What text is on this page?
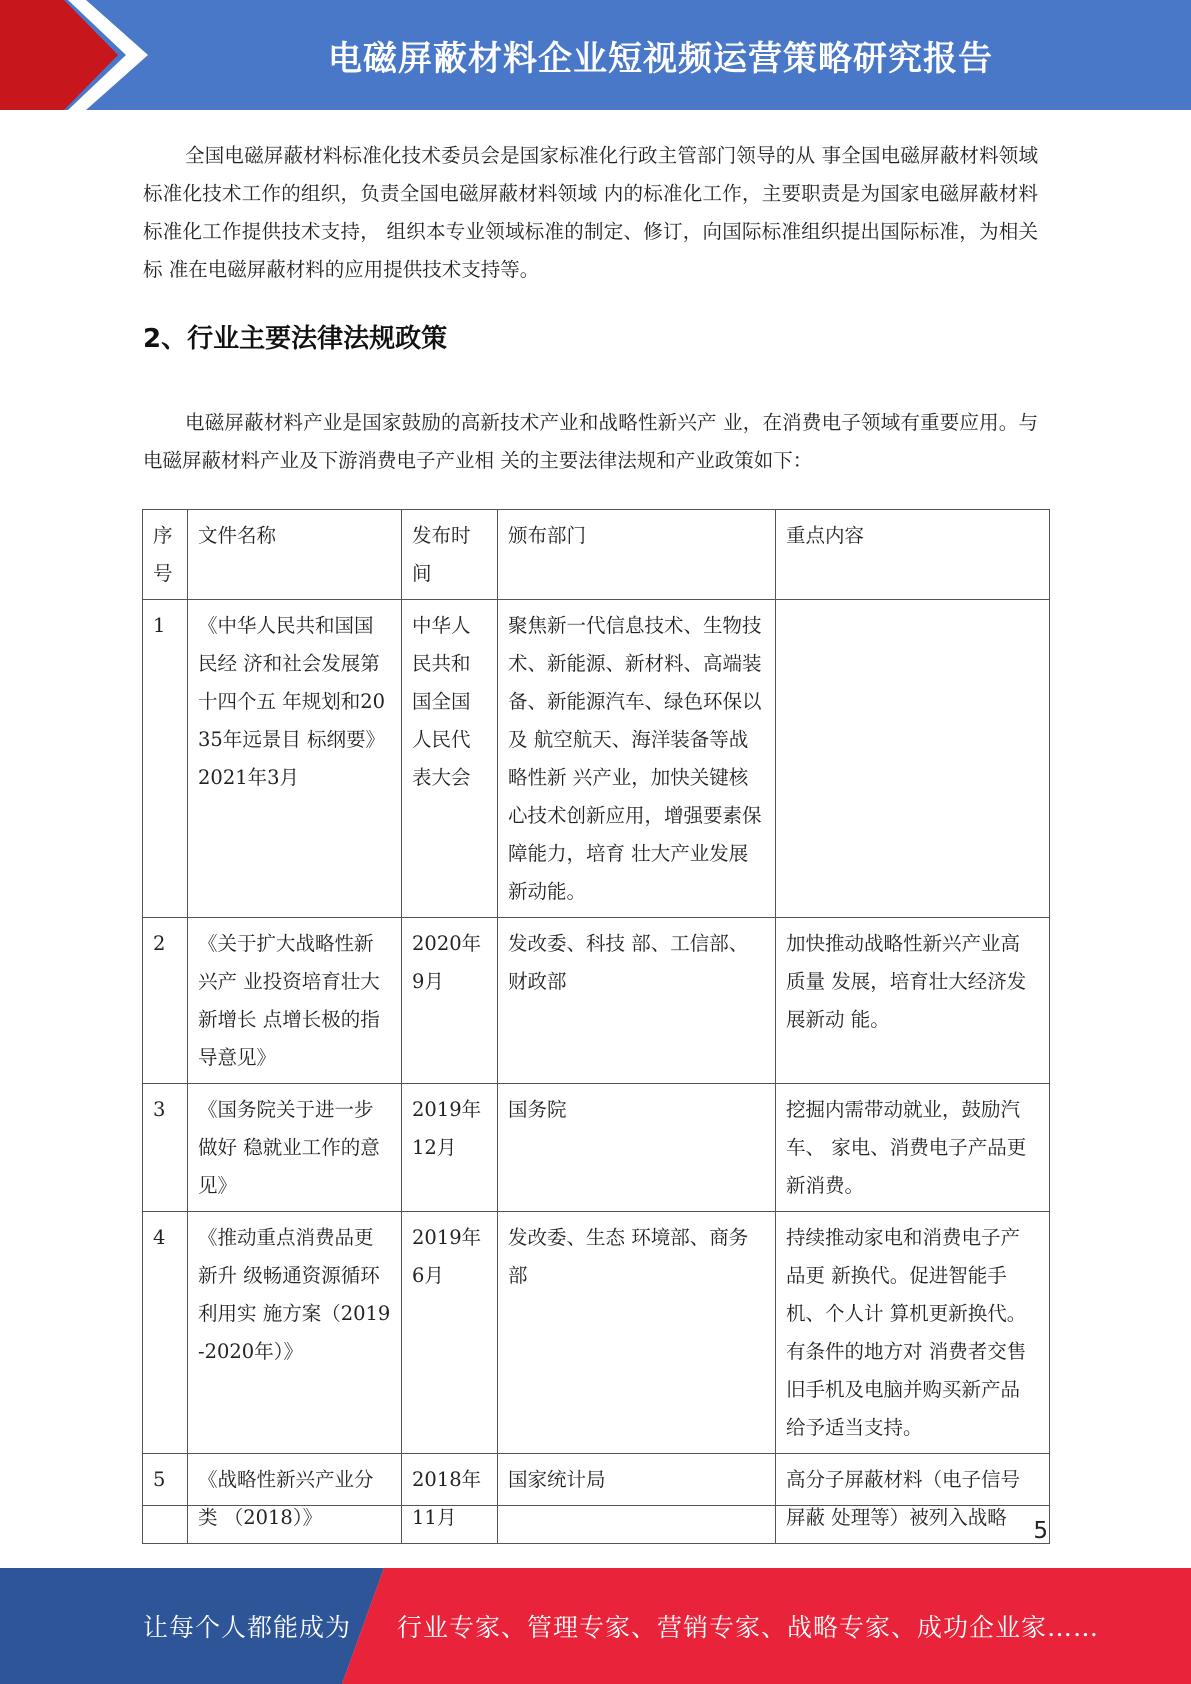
电磁屏蔽材料企业短视频运营策略研究报告
全国电磁屏蔽材料标准化技术委员会是国家标准化行政主管部门领导的从 事全国电磁屏蔽材料领域标准化技术工作的组织，负责全国电磁屏蔽材料领域 内的标准化工作，主要职责是为国家电磁屏蔽材料标准化工作提供技术支持， 组织本专业领域标准的制定、修订，向国际标准组织提出国际标准，为相关标 准在电磁屏蔽材料的应用提供技术支持等。
2、行业主要法律法规政策
电磁屏蔽材料产业是国家鼓励的高新技术产业和战略性新兴产 业，在消费电子领域有重要应用。与电磁屏蔽材料产业及下游消费电子产业相 关的主要法律法规和产业政策如下：
序号	文件名称	发布时间	颁布部门	重点内容
1	《中华人民共和国国民经 济和社会发展第十四个五 年规划和2035年远景目 标纲要》2021年3月	中华人民共和国全国人民代表大会	聚焦新一代信息技术、生物技 术、新能源、新材料、高端装 备、新能源汽车、绿色环保以及 航空航天、海洋装备等战略性新 兴产业，加快关键核心技术创新应用，增强要素保障能力，培育 壮大产业发展新动能。	
2	《关于扩大战略性新兴产 业投资培育壮大新增长 点增长极的指导意见》	2020年9月	发改委、科技 部、工信部、 财政部	加快推动战略性新兴产业高质量 发展，培育壮大经济发展新动 能。
3	《国务院关于进一步做好 稳就业工作的意见》	2019年12月	国务院	挖掘内需带动就业，鼓励汽车、 家电、消费电子产品更新消费。
4	《推动重点消费品更新升 级畅通资源循环利用实 施方案（2019-2020年）》	2019年6月	发改委、生态 环境部、商务 部	持续推动家电和消费电子产品更 新换代。促进智能手机、个人计 算机更新换代。有条件的地方对 消费者交售旧手机及电脑并购买新产品给予适当支持。
5	《战略性新兴产业分类 （2018）》	2018年11月	国家统计局	高分子屏蔽材料（电子信号屏蔽 处理等）被列入战略
5
让每个人都能成为 行业专家、管理专家、营销专家、战略专家、成功企业家……
